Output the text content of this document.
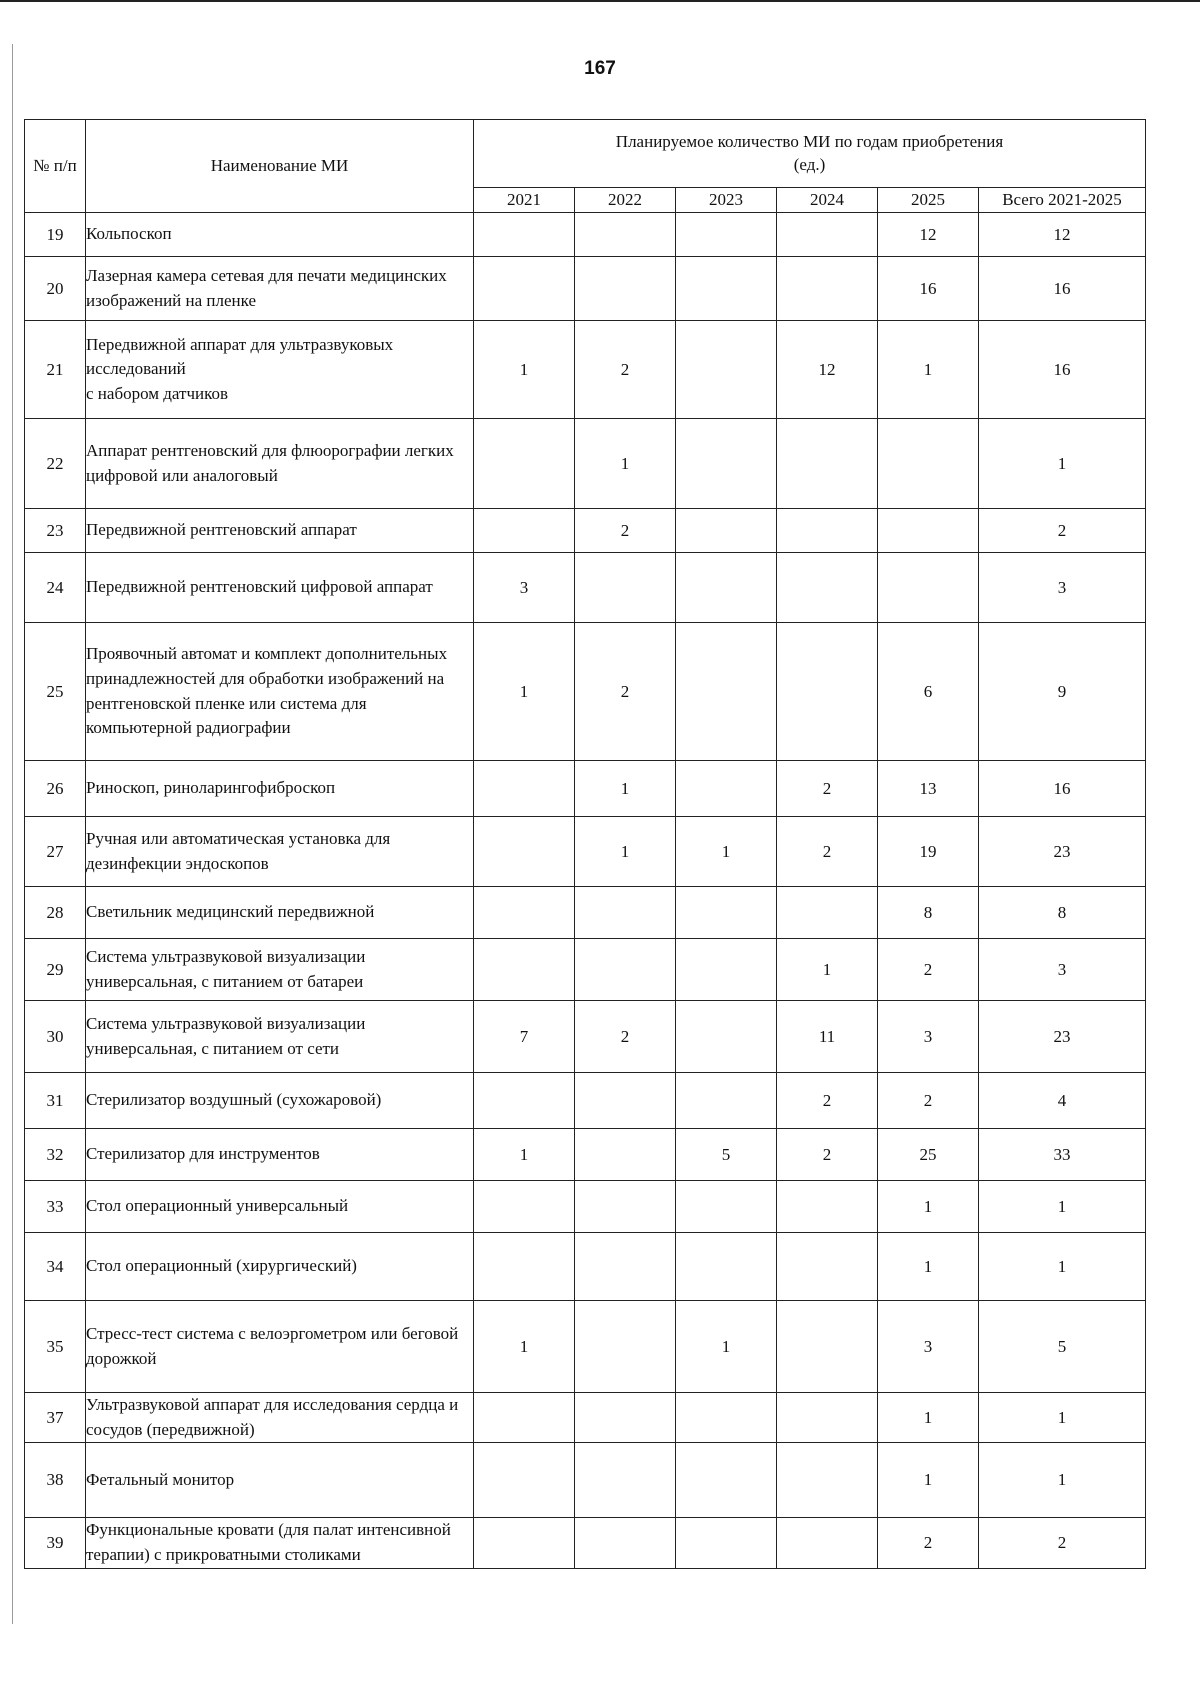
167
№ п/п	Наименование МИ	Планируемое количество МИ по годам приобретения
(ед.)					

		2021	2022	2023	2024	2025	Всего 2021-2025
19	Кольпоскоп					12	12
20	Лазерная камера сетевая для печати медицинских изображений на пленке					16	16
21	Передвижной аппарат для ультразвуковых исследований
с набором датчиков	1	2		12	1	16
22	Аппарат рентгеновский для флюорографии легких цифровой или аналоговый		1				1
23	Передвижной рентгеновский аппарат		2				2
24	Передвижной рентгеновский цифровой аппарат	3					3
25	Проявочный автомат и комплект дополнительных принадлежностей для обработки изображений на рентгеновской пленке или система для компьютерной радиографии	1	2			6	9
26	Риноскоп, риноларингофиброскоп		1		2	13	16
27	Ручная или автоматическая установка для дезинфекции эндоскопов		1	1	2	19	23
28	Светильник медицинский передвижной					8	8
29	Система ультразвуковой визуализации универсальная, с питанием от батареи				1	2	3
30	Система ультразвуковой визуализации универсальная, с питанием от сети	7	2		11	3	23
31	Стерилизатор воздушный (сухожаровой)				2	2	4
32	Стерилизатор для инструментов	1		5	2	25	33
33	Стол операционный универсальный					1	1
34	Стол операционный (хирургический)					1	1
35	Стресс-тест система с велоэргометром или беговой дорожкой	1		1		3	5
37	Ультразвуковой аппарат для исследования сердца и сосудов (передвижной)					1	1
38	Фетальный монитор					1	1
39	Функциональные кровати (для палат интенсивной терапии) с прикроватными столиками					2	2
